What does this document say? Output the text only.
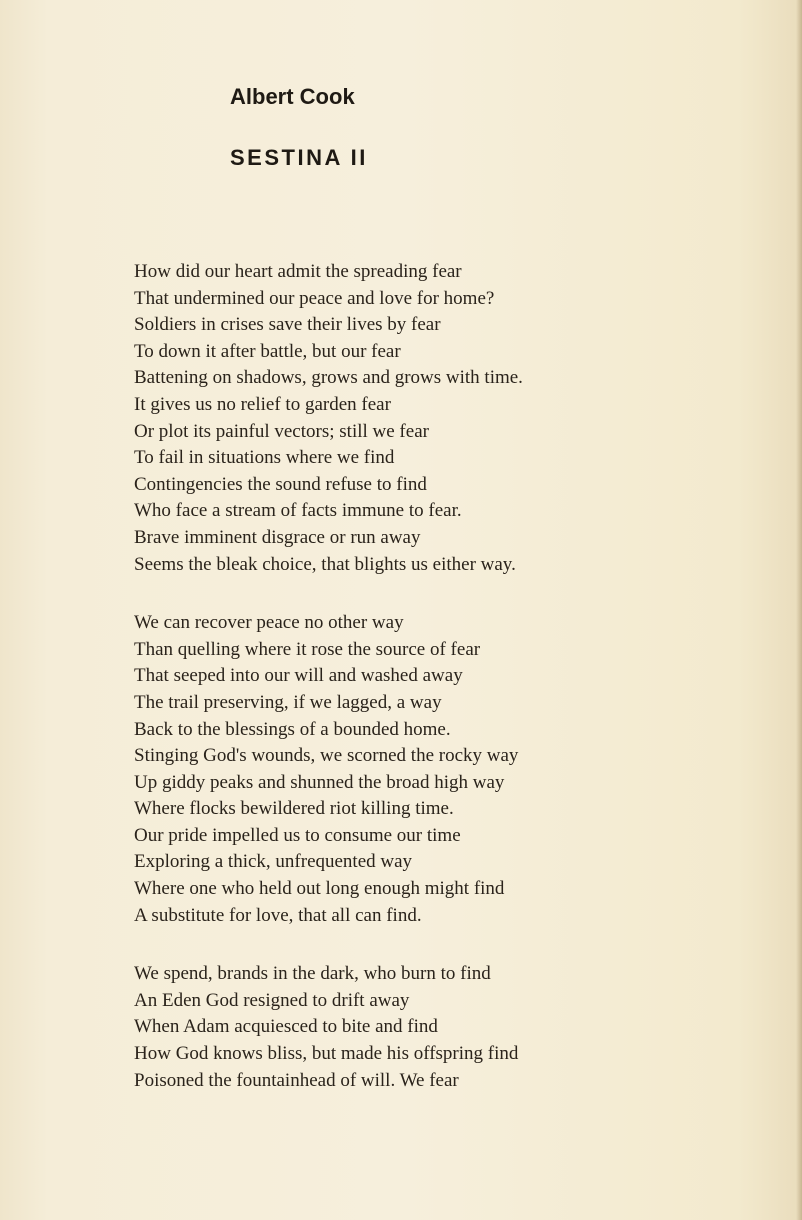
Albert Cook
SESTINA II
How did our heart admit the spreading fear
That undermined our peace and love for home?
Soldiers in crises save their lives by fear
To down it after battle, but our fear
Battening on shadows, grows and grows with time.
It gives us no relief to garden fear
Or plot its painful vectors; still we fear
To fail in situations where we find
Contingencies the sound refuse to find
Who face a stream of facts immune to fear.
Brave imminent disgrace or run away
Seems the bleak choice, that blights us either way.
We can recover peace no other way
Than quelling where it rose the source of fear
That seeped into our will and washed away
The trail preserving, if we lagged, a way
Back to the blessings of a bounded home.
Stinging God's wounds, we scorned the rocky way
Up giddy peaks and shunned the broad high way
Where flocks bewildered riot killing time.
Our pride impelled us to consume our time
Exploring a thick, unfrequented way
Where one who held out long enough might find
A substitute for love, that all can find.
We spend, brands in the dark, who burn to find
An Eden God resigned to drift away
When Adam acquiesced to bite and find
How God knows bliss, but made his offspring find
Poisoned the fountainhead of will. We fear
